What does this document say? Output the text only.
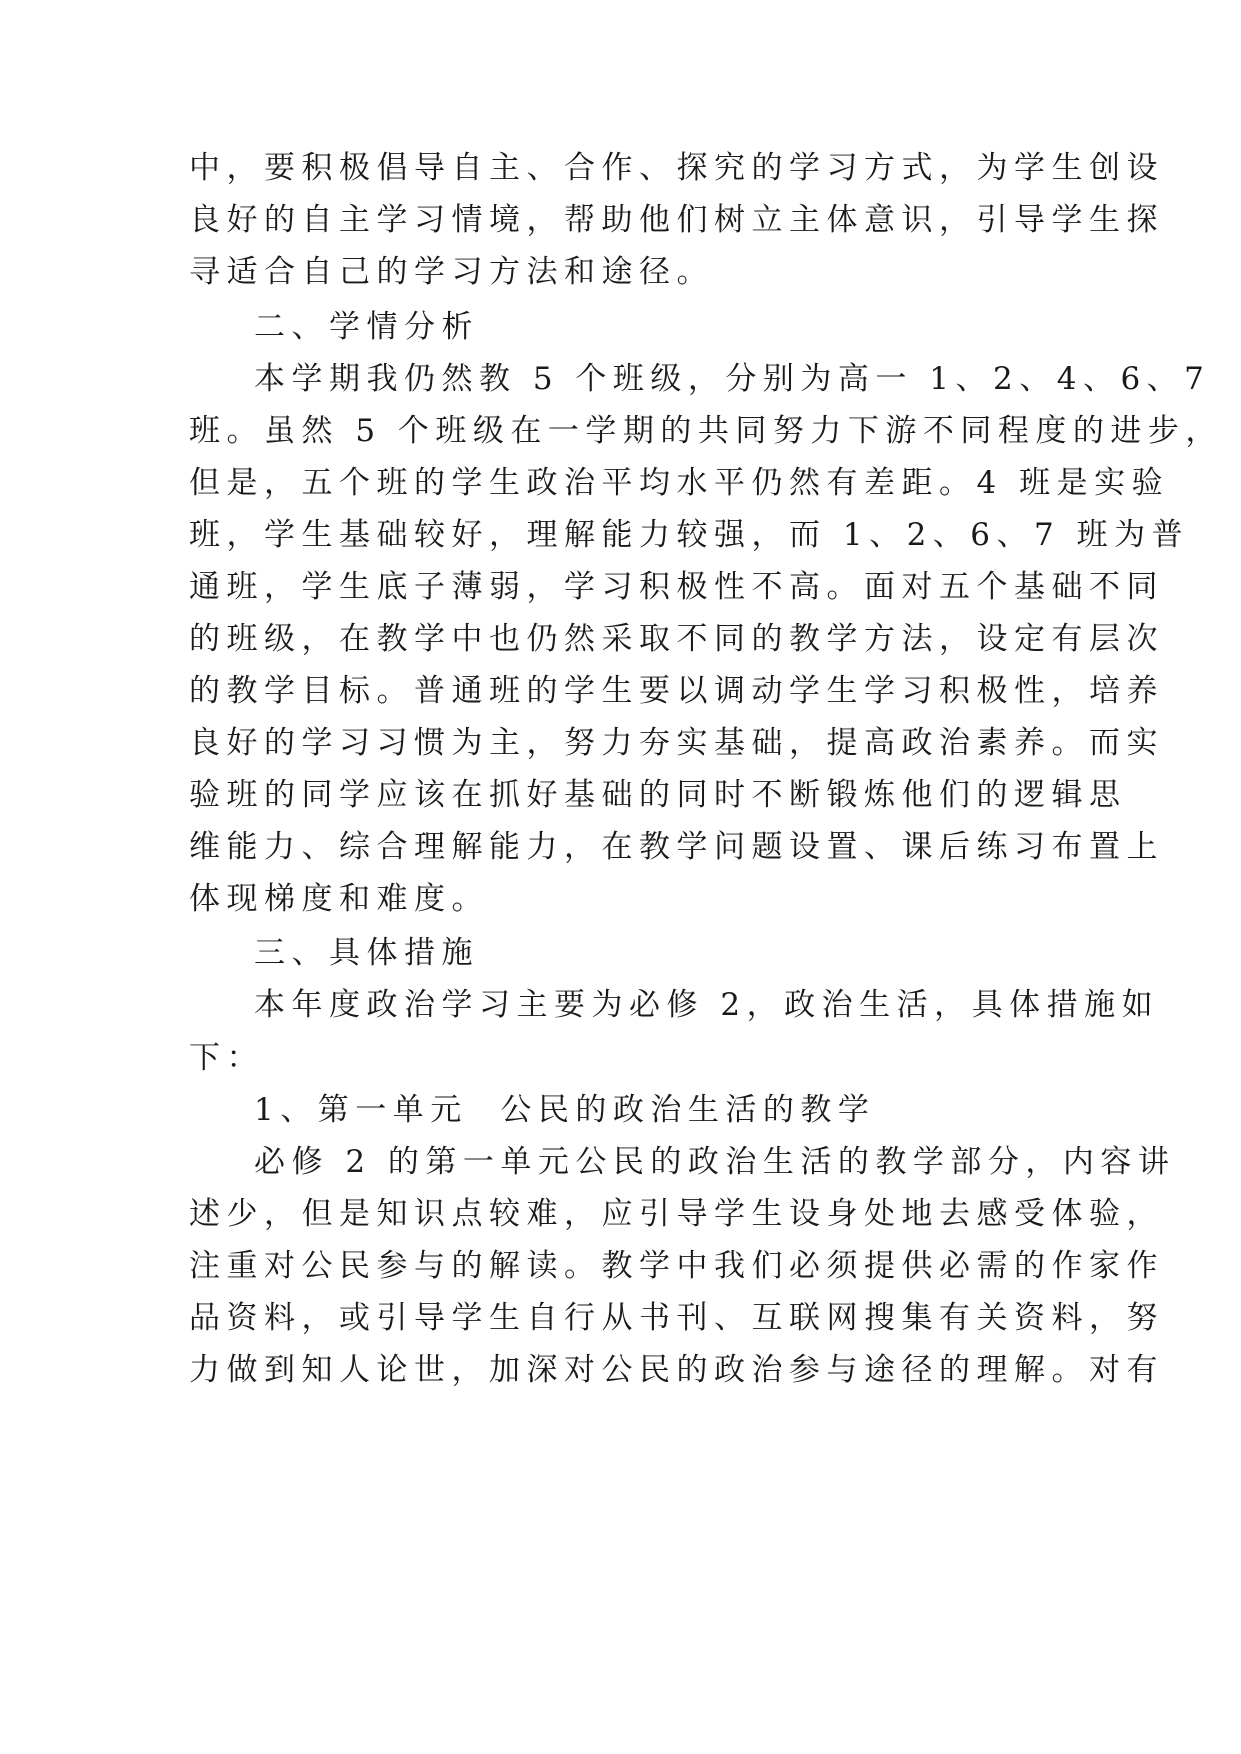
中，要积极倡导自主、合作、探究的学习方式，为学生创设
良好的自主学习情境，帮助他们树立主体意识，引导学生探
寻适合自己的学习方法和途径。
二、学情分析
本学期我仍然教 5 个班级，分别为高一 1、2、4、6、7
班。虽然 5 个班级在一学期的共同努力下游不同程度的进步，
但是，五个班的学生政治平均水平仍然有差距。4 班是实验
班，学生基础较好，理解能力较强，而 1、2、6、7 班为普
通班，学生底子薄弱，学习积极性不高。面对五个基础不同
的班级，在教学中也仍然采取不同的教学方法，设定有层次
的教学目标。普通班的学生要以调动学生学习积极性，培养
良好的学习习惯为主，努力夯实基础，提高政治素养。而实
验班的同学应该在抓好基础的同时不断锻炼他们的逻辑思
维能力、综合理解能力，在教学问题设置、课后练习布置上
体现梯度和难度。
三、具体措施
本年度政治学习主要为必修 2，政治生活，具体措施如
下：
1、第一单元  公民的政治生活的教学
必修 2 的第一单元公民的政治生活的教学部分，内容讲
述少，但是知识点较难，应引导学生设身处地去感受体验，
注重对公民参与的解读。教学中我们必须提供必需的作家作
品资料，或引导学生自行从书刊、互联网搜集有关资料，努
力做到知人论世，加深对公民的政治参与途径的理解。对有
